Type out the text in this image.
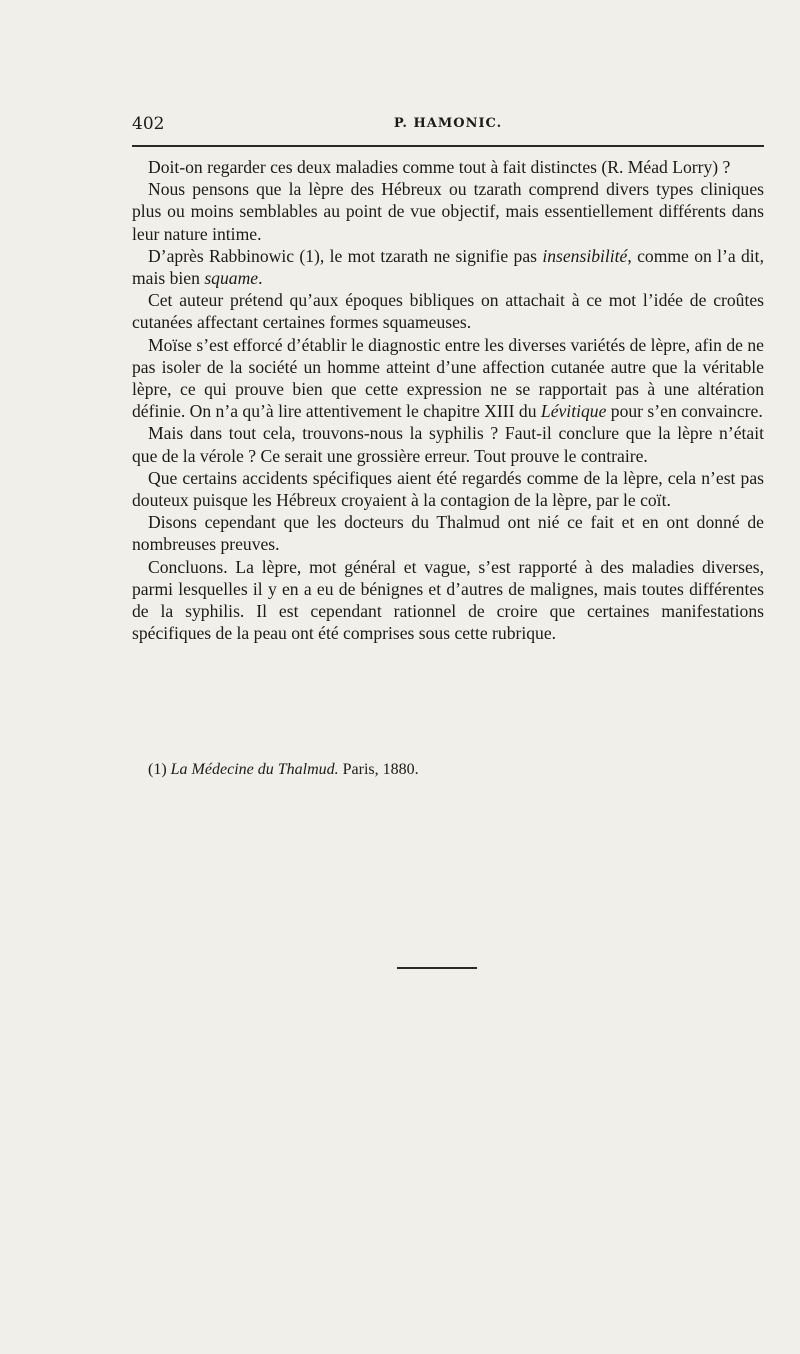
402	P. HAMONIC.

Doit-on regarder ces deux maladies comme tout à fait distinctes (R. Méad Lorry) ?

Nous pensons que la lèpre des Hébreux ou tzarath comprend divers types cliniques plus ou moins semblables au point de vue objectif, mais essentiellement différents dans leur nature intime.

D’après Rabbinowic (1), le mot tzarath ne signifie pas insensibilité, comme on l’a dit, mais bien squame.

Cet auteur prétend qu’aux époques bibliques on attachait à ce mot l’idée de croûtes cutanées affectant certaines formes squameuses.

Moïse s’est efforcé d’établir le diagnostic entre les diverses variétés de lèpre, afin de ne pas isoler de la société un homme atteint d’une affection cutanée autre que la véritable lèpre, ce qui prouve bien que cette expression ne se rapportait pas à une altération définie. On n’a qu’à lire attentivement le chapitre XIII du Lévitique pour s’en convaincre.

Mais dans tout cela, trouvons-nous la syphilis ? Faut-il conclure que la lèpre n’était que de la vérole ? Ce serait une grossière erreur. Tout prouve le contraire.

Que certains accidents spécifiques aient été regardés comme de la lèpre, cela n’est pas douteux puisque les Hébreux croyaient à la contagion de la lèpre, par le coït.

Disons cependant que les docteurs du Thalmud ont nié ce fait et en ont donné de nombreuses preuves.

Concluons. La lèpre, mot général et vague, s’est rapporté à des maladies diverses, parmi lesquelles il y en a eu de bénignes et d’autres de malignes, mais toutes différentes de la syphilis. Il est cependant rationnel de croire que certaines manifestations spécifiques de la peau ont été comprises sous cette rubrique.

(1) La Médecine du Thalmud. Paris, 1880.
